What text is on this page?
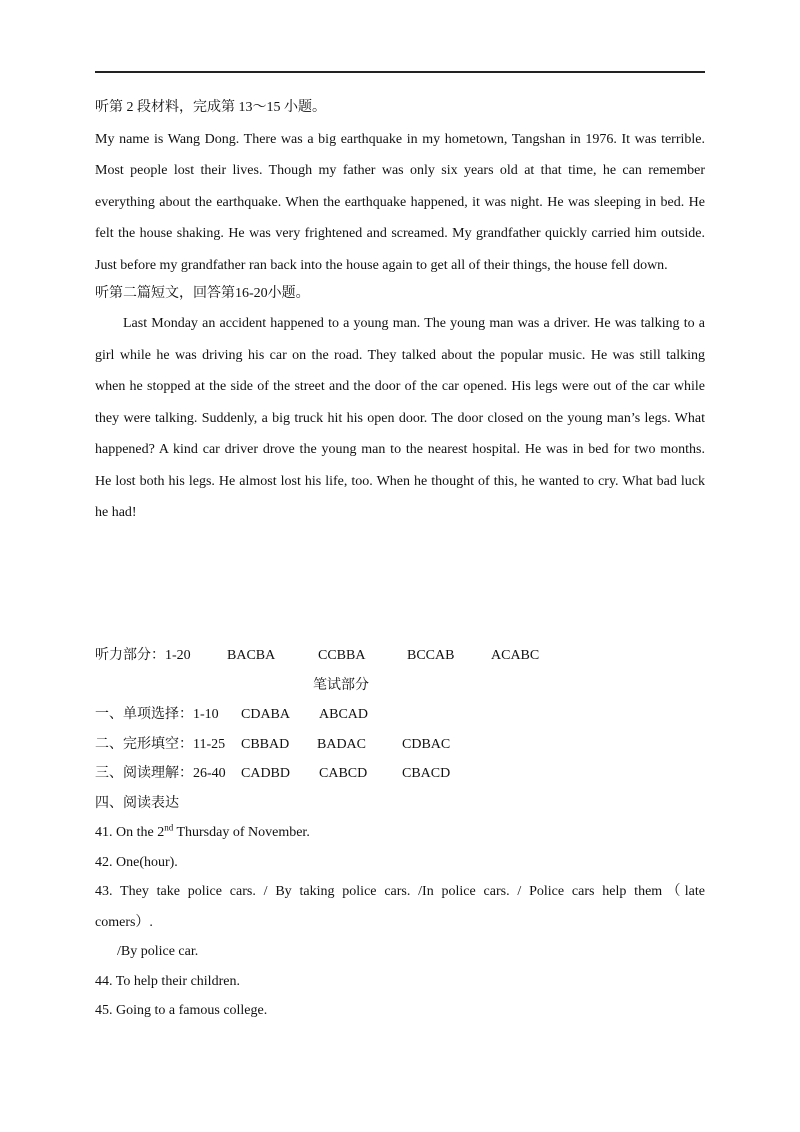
听第 2 段材料，完成第 13～15 小题。
My name is Wang Dong. There was a big earthquake in my hometown, Tangshan in 1976. It was terrible.
Most people lost their lives. Though my father was only six years old at that time, he can remember
everything about the earthquake. When the earthquake happened, it was night. He was sleeping in bed. He
felt the house shaking. He was very frightened and screamed. My grandfather quickly carried him outside.
Just before my grandfather ran back into the house again to get all of their things, the house fell down.
听第二篇短文，回答第16-20小题。
Last Monday an accident happened to a young man. The young man was a driver. He was talking to a
girl while he was driving his car on the road. They talked about the popular music. He was still talking
when he stopped at the side of the street and the door of the car opened. His legs were out of the car while
they were talking. Suddenly, a big truck hit his open door. The door closed on the young man’s legs. What
happened? A kind car driver drove the young man to the nearest hospital. He was in bed for two months.
He lost both his legs. He almost lost his life, too. When he thought of this, he wanted to cry. What bad luck
he had!
听力部分：1-20	BACBA	CCBBA	BCCAB	ACABC
笔试部分
一、单项选择：1-10 CDABA ABCAD
二、完形填空：11-25 CBBAD BADAC	CDBAC
三、阅读理解：26-40 CADBD CABCD CBACD
四、阅读表达
41. On the 2nd Thursday of November.
42. One(hour).
43. They take police cars. / By taking police cars. /In police cars. / Police cars help them（late
comers）.
/By police car.
44. To help their children.
45. Going to a famous college.
